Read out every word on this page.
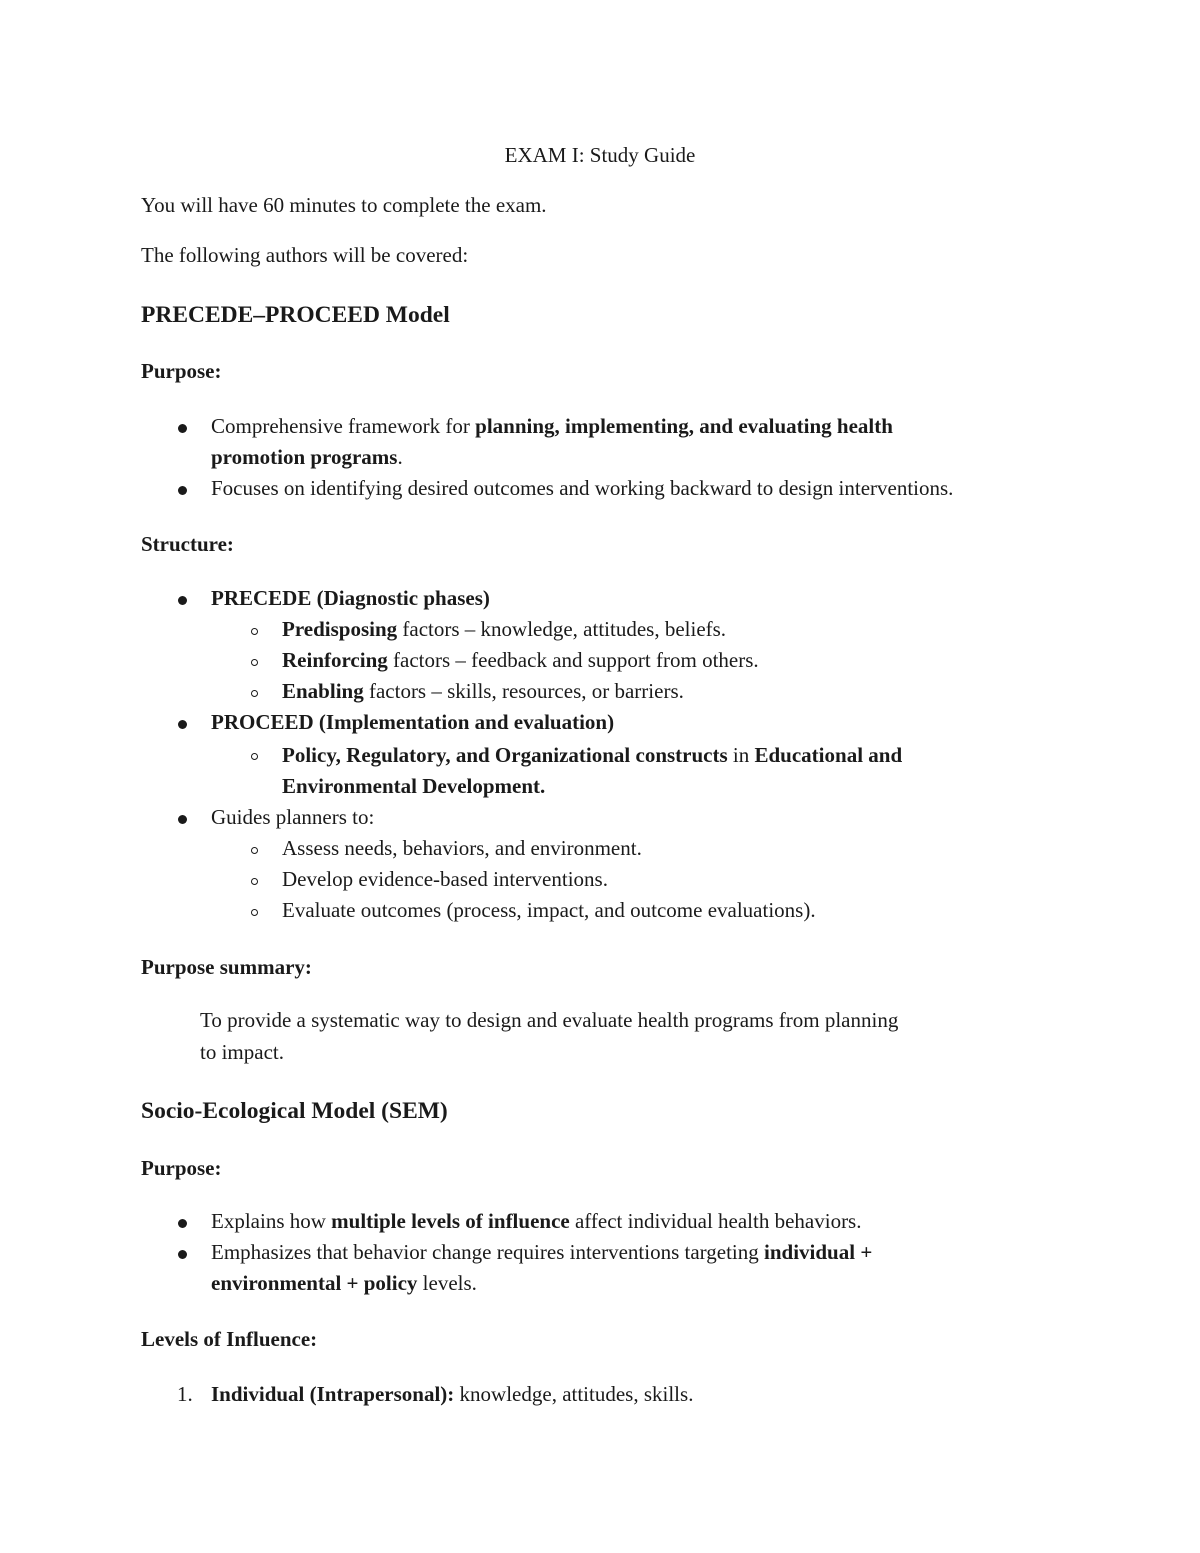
EXAM I: Study Guide
You will have 60 minutes to complete the exam.
The following authors will be covered:
PRECEDE–PROCEED Model
Purpose:
Comprehensive framework for planning, implementing, and evaluating health
promotion programs.
Focuses on identifying desired outcomes and working backward to design interventions.
Structure:
PRECEDE (Diagnostic phases)
Predisposing factors – knowledge, attitudes, beliefs.
Reinforcing factors – feedback and support from others.
Enabling factors – skills, resources, or barriers.
PROCEED (Implementation and evaluation)
Policy, Regulatory, and Organizational constructs in Educational and
Environmental Development.
Guides planners to:
Assess needs, behaviors, and environment.
Develop evidence-based interventions.
Evaluate outcomes (process, impact, and outcome evaluations).
Purpose summary:
To provide a systematic way to design and evaluate health programs from planning
to impact.
Socio-Ecological Model (SEM)
Purpose:
Explains how multiple levels of influence affect individual health behaviors.
Emphasizes that behavior change requires interventions targeting individual +
environmental + policy levels.
Levels of Influence:
1. Individual (Intrapersonal): knowledge, attitudes, skills.
